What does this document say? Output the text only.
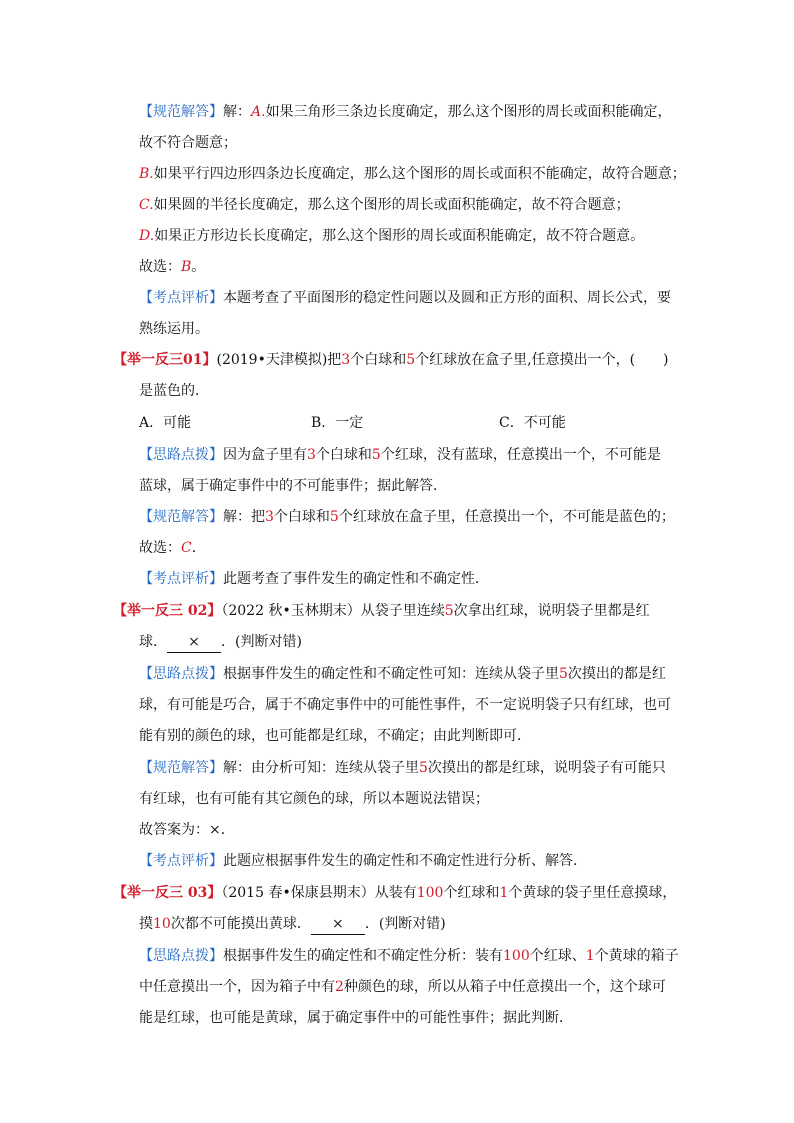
【规范解答】解：A.如果三角形三条边长度确定，那么这个图形的周长或面积能确定，
故不符合题意；
B.如果平行四边形四条边长度确定，那么这个图形的周长或面积不能确定，故符合题意；
C.如果圆的半径长度确定，那么这个图形的周长或面积能确定，故不符合题意；
D.如果正方形边长长度确定，那么这个图形的周长或面积能确定，故不符合题意。
故选：B。
【考点评析】本题考查了平面图形的稳定性问题以及圆和正方形的面积、周长公式，要
熟练运用。
【举一反三01】(2019•天津模拟)把3个白球和5个红球放在盒子里,任意摸出一个，(　　)
是蓝色的．
A．可能	B．一定	C．不可能
【思路点拨】因为盒子里有3个白球和5个红球，没有蓝球，任意摸出一个，不可能是
蓝球，属于确定事件中的不可能事件；据此解答．
【规范解答】解：把3个白球和5个红球放在盒子里，任意摸出一个，不可能是蓝色的；
故选：C．
【考点评析】此题考查了事件发生的确定性和不确定性．
【举一反三 02】（2022 秋•玉林期末）从袋子里连续5次拿出红球，说明袋子里都是红
球． × ．(判断对错)
【思路点拨】根据事件发生的确定性和不确定性可知：连续从袋子里5次摸出的都是红
球，有可能是巧合，属于不确定事件中的可能性事件，不一定说明袋子只有红球，也可
能有别的颜色的球，也可能都是红球，不确定；由此判断即可．
【规范解答】解：由分析可知：连续从袋子里5次摸出的都是红球，说明袋子有可能只
有红球，也有可能有其它颜色的球，所以本题说法错误；
故答案为：×．
【考点评析】此题应根据事件发生的确定性和不确定性进行分析、解答．
【举一反三 03】（2015 春•保康县期末）从装有100个红球和1个黄球的袋子里任意摸球，
摸10次都不可能摸出黄球． × ．(判断对错)
【思路点拨】根据事件发生的确定性和不确定性分析：装有100个红球、1个黄球的箱子
中任意摸出一个，因为箱子中有2种颜色的球，所以从箱子中任意摸出一个，这个球可
能是红球，也可能是黄球，属于确定事件中的可能性事件；据此判断．
